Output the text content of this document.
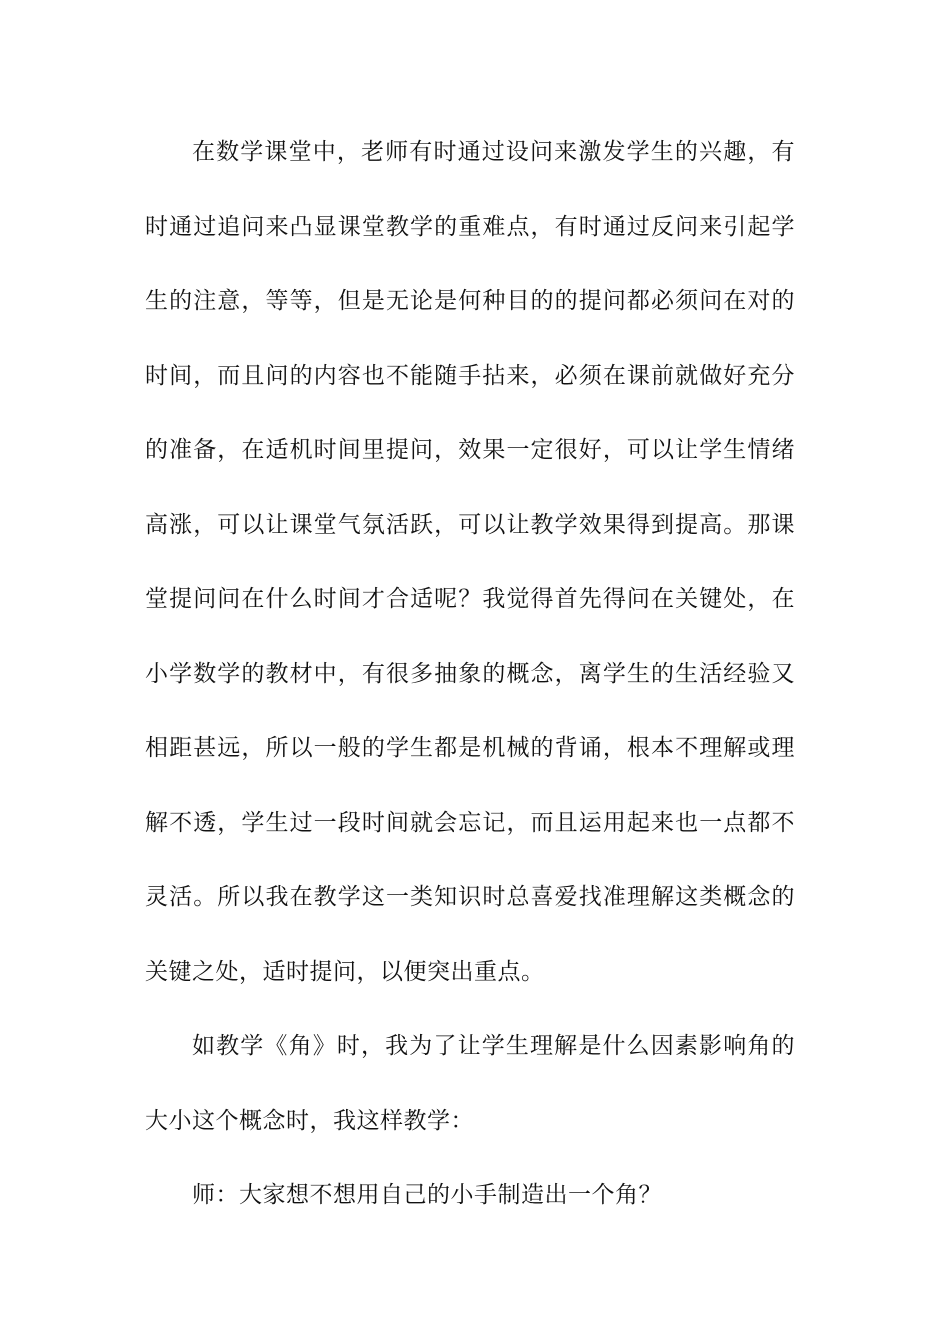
在数学课堂中，老师有时通过设问来激发学生的兴趣，有
时通过追问来凸显课堂教学的重难点，有时通过反问来引起学
生的注意，等等，但是无论是何种目的的提问都必须问在对的
时间，而且问的内容也不能随手拈来，必须在课前就做好充分
的准备，在适机时间里提问，效果一定很好，可以让学生情绪
高涨，可以让课堂气氛活跃，可以让教学效果得到提高。那课
堂提问问在什么时间才合适呢？我觉得首先得问在关键处，在
小学数学的教材中，有很多抽象的概念，离学生的生活经验又
相距甚远，所以一般的学生都是机械的背诵，根本不理解或理
解不透，学生过一段时间就会忘记，而且运用起来也一点都不
灵活。所以我在教学这一类知识时总喜爱找准理解这类概念的
关键之处，适时提问，以便突出重点。
如教学《角》时，我为了让学生理解是什么因素影响角的
大小这个概念时，我这样教学：
师：大家想不想用自己的小手制造出一个角？
